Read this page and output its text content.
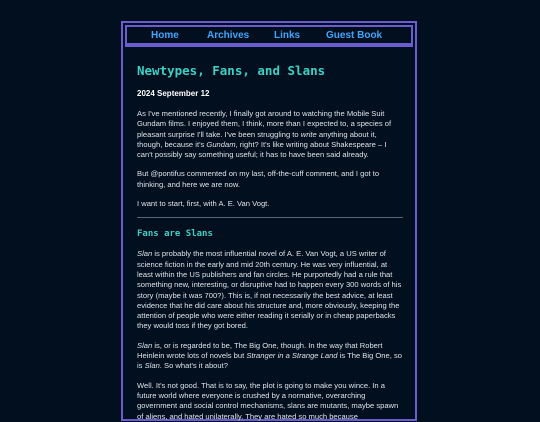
Home	Archives Links	Guest Book
Newtypes, Fans, and Slans
2024 September 12

As I've mentioned recently, I finally got around to watching the Mobile Suit Gundam films. I enjoyed them, I think, more than I expected to, a species of pleasant surprise I'll take. I've been struggling to write anything about it, though, because it's Gundam, right? It's like writing about Shakespeare – I can't possibly say something useful; it has to have been said already.

But @pontifus commented on my last, off-the-cuff comment, and I got to thinking, and here we are now.

I want to start, first, with A. E. Van Vogt.

Fans are Slans

Slan is probably the most influential novel of A. E. Van Vogt, a US writer of science fiction in the early and mid 20th century. He was very influential, at least within the US publishers and fan circles. He purportedly had a rule that something new, interesting, or disruptive had to happen every 300 words of his story (maybe it was 700?). This is, if not necessarily the best advice, at least evidence that he did care about his structure and, more obviously, keeping the attention of people who were either reading it serially or in cheap paperbacks they would toss if they got bored.

Slan is, or is regarded to be, The Big One, though. In the way that Robert Heinlein wrote lots of novels but Stranger in a Strange Land is The Big One, so is Slan. So what's it about?

Well. It's not good. That is to say, the plot is going to make you wince. In a future world where everyone is crushed by a normative, overarching government and social control mechanisms, slans are mutants, maybe spawn of aliens, and hated unilaterally. They are hated so much because
